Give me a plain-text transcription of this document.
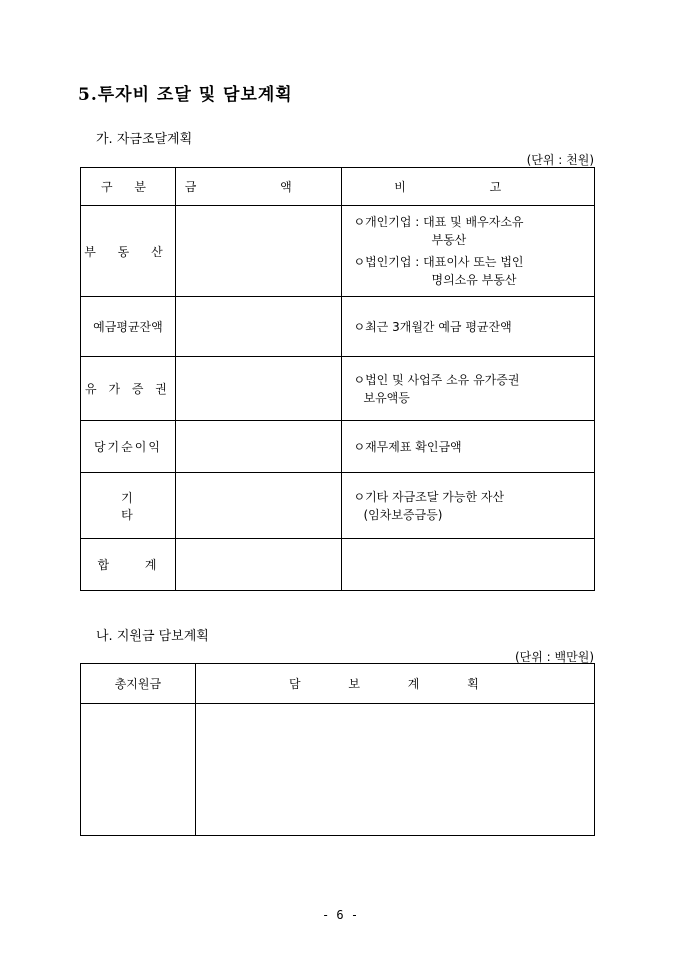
5.투자비 조달 및 담보계획
가. 자금조달계획
(단위 : 천원)
구 분	금 액	비 고
부 동 산		ㅇ개인기업 : 대표 및 배우자소유
부동산
ㅇ법인기업 : 대표이사 또는 법인
명의소유 부동산

예금평균잔액		ㅇ최근 3개월간 예금 평균잔액

유 가 증 권		ㅇ법인 및 사업주 소유 유가증권
보유액등

당기순이익		ㅇ재무제표 확인금액

기 타		ㅇ기타 자금조달 가능한 자산
(임차보증금등)

합 계		
나. 지원금 담보계획
(단위 : 백만원)
총지원금	담 보 계 획

- 6 -
